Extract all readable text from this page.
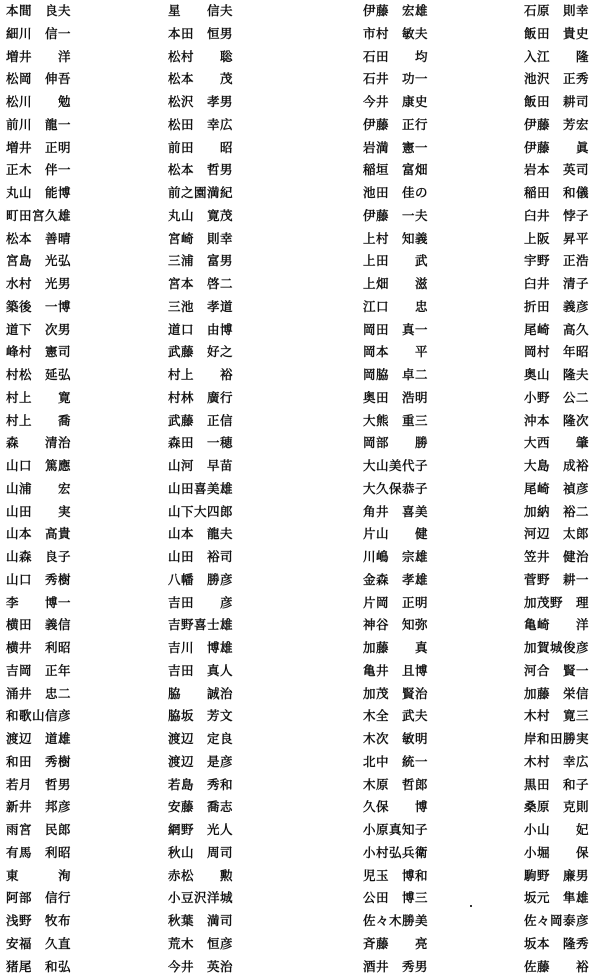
本間　良夫
細川　信一
増井　　洋
松岡　伸吾
松川　　勉
前川　龍一
増井　正明
正木　伴一
丸山　能博
町田宮久雄
松本　善晴
宮島　光弘
水村　光男
築後　一博
道下　次男
峰村　憲司
村松　延弘
村上　　寛
村上　　喬
森　　清治
山口　篤應
山浦　　宏
山田　　実
山本　高貴
山森　良子
山口　秀樹
李　　博一
横田　義信
横井　利昭
吉岡　正年
涌井　忠二
和歌山信彦
渡辺　道雄
和田　秀樹
若月　哲男
新井　邦彦
雨宮　民郎
有馬　利昭
東　　　洵
阿部　信行
浅野　牧布
安福　久直
猪尾　和弘
星　　信夫
本田　恒男
松村　　聡
松本　　茂
松沢　孝男
松田　幸広
前田　　昭
松本　哲男
前之園満紀
丸山　寛茂
宮崎　則幸
三浦　富男
宮本　啓二
三池　孝道
道口　由博
武藤　好之
村上　　裕
村林　廣行
武藤　正信
森田　一穂
山河　早苗
山田喜美雄
山下大四郎
山本　龍夫
山田　裕司
八幡　勝彦
吉田　　彦
吉野喜士雄
吉川　博雄
吉田　真人
脇　　誠治
脇坂　芳文
渡辺　定良
渡辺　是彦
若島　秀和
安藤　喬志
網野　光人
秋山　周司
赤松　　勲
小豆沢洋城
秋葉　満司
荒木　恒彦
今井　英治
伊藤　宏雄
市村　敏夫
石田　　均
石井　功一
今井　康史
伊藤　正行
岩満　憲一
稲垣　富畑
池田　佳の
伊藤　一夫
上村　知義
上田　　武
上畑　　滋
江口　　忠
岡田　真一
岡本　　平
岡脇　卓二
奥田　浩明
大熊　重三
岡部　　勝
大山美代子
大久保恭子
角井　喜美
片山　　健
川嶋　宗雄
金森　孝雄
片岡　正明
神谷　知弥
加藤　　真
亀井　且博
加茂　賢治
木全　武夫
木次　敏明
北中　統一
木原　哲郎
久保　　博
小原真知子
小村弘兵衛
児玉　博和
公田　博三
佐々木勝美
斉藤　　亮
酒井　秀男
石原　則幸
飯田　貴史
入江　　隆
池沢　正秀
飯田　耕司
伊藤　芳宏
伊藤　　眞
岩本　英司
稲田　和儀
臼井　悖子
上阪　昇平
宇野　正浩
臼井　清子
折田　義彦
尾崎　高久
岡村　年昭
奥山　隆夫
小野　公二
沖本　隆次
大西　　肇
大島　成裕
尾崎　禎彦
加納　裕二
河辺　太郎
笠井　健治
菅野　耕一
加茂野　理
亀崎　　洋
加賀城俊彦
河合　賢一
加藤　栄信
木村　寛三
岸和田勝実
木村　幸広
黒田　和子
桑原　克則
小山　　妃
小堀　　保
駒野　廉男
坂元　隼雄
佐々岡泰彦
坂本　隆秀
佐藤　　裕
